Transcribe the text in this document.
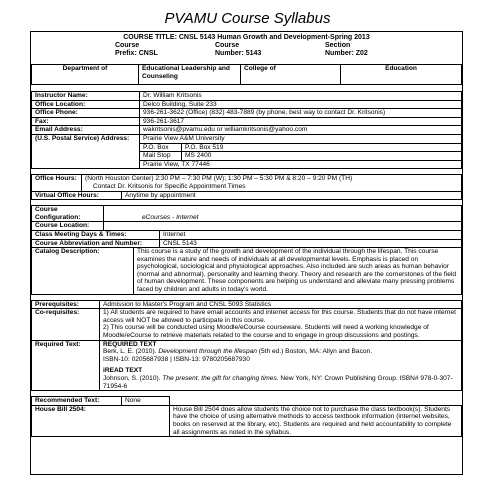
PVAMU Course Syllabus
COURSE TITLE: CNSL 5143 Human Growth and Development-Spring 2013
Course	Course	Section
Prefix: CNSL	Number: 5143	Number: Z02
Department of	Educational Leadership and Counseling	College of	Education
Instructor Name:	Dr. William Kritsonis	
Office Location:	Delco Building, Suite 233	
Office Phone:	936-261-3622 (Office) (832) 483-7889 (by phone, best way to contact Dr. Kritsonis)	
Fax:	936-261-3617	
Email Address:	wakritsonis@pvamu.edu or williamkritsonis@yahoo.com	
(U.S. Postal Service) Address:	Prairie View A&M University	
	P.O. Box	P.O. Box 519
	Mail Stop	MS 2400
	Prairie View, TX 77446	
Office Hours:	(North Houston Center) 2:30 PM – 7:30 PM (W); 1:30 PM – 5:30 PM & 8:20 – 9:20 PM (TH)
Contact Dr. Kritsonis for Specific Appointment Times	

Virtual Office Hours:		Anytime by appointment
Course Configuration:	eCourses - Internet		
Course Location:			
Class Meeting Days & Times:			Internet
Course Abbreviation and Number:			CNSL 5143
Catalog Description:		This course is a study of the growth and development of the individual through the lifespan. This course examines the nature and needs of individuals at all developmental levels. Emphasis is placed on psychological, sociological and physiological approaches. Also included are such areas as human behavior (normal and abnormal), personality and learning theory. Theory and research are the cornerstones of the field of human development. These components are helping us understand and alleviate many pressing problems faced by children and adults in today's world.	
Prerequisites:	Admission to Master's Program and CNSL 5093 Statistics
Co-requisites:	1) All students are required to have email accounts and internet access for this course. Students that do not have internet access will NOT be allowed to participate in this course.
2) This course will be conducted using Moodle/eCourse courseware. Students will need a working knowledge of Moodle/eCourse to retrieve materials related to the course and to engage in group discussions and postings.

Required Text:	REQUIRED TEXT
Berk, L. E. (2010). Development through the lifespan (5th ed.) Boston, MA: Allyn and Bacon.
ISBN-10: 0205687938 | ISBN-13: 9780205687930
iREAD TEXT
Johnson, S. (2010). The present, the gift for changing times. New York, NY: Crown Publishing Group. ISBN# 978-0-307-71954-6
Recommended Text:	None	
House Bill 2504:		House Bill 2504 does allow students the choice not to purchase the class textbook(s). Students have the choice of using alternative methods to access textbook information (internet websites, books on reserved at the library, etc). Students are required and held accountability to complete all assignments as noted in the syllabus.
